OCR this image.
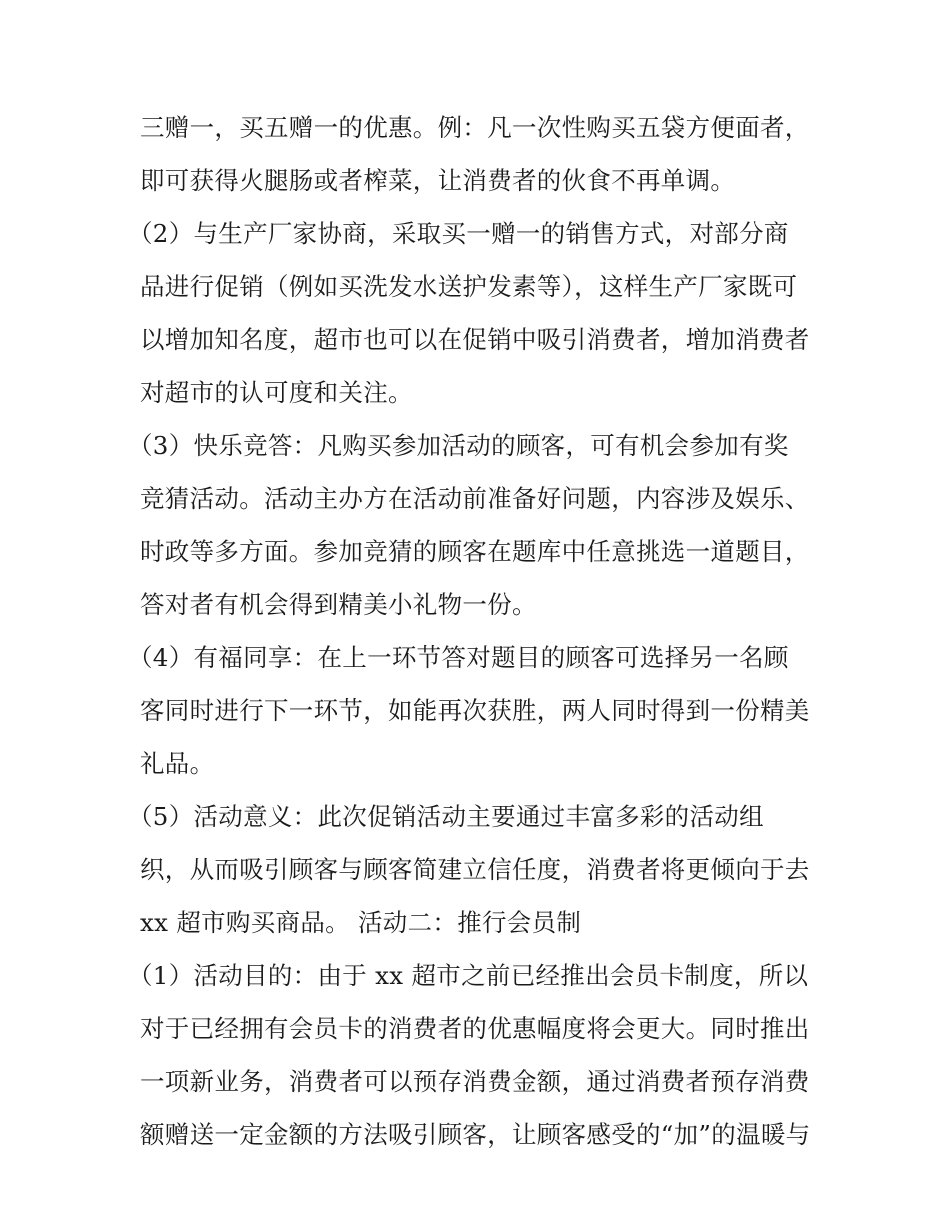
三赠一，买五赠一的优惠。例：凡一次性购买五袋方便面者，
即可获得火腿肠或者榨菜，让消费者的伙食不再单调。
（2）与生产厂家协商，采取买一赠一的销售方式，对部分商
品进行促销（例如买洗发水送护发素等），这样生产厂家既可
以增加知名度，超市也可以在促销中吸引消费者，增加消费者
对超市的认可度和关注。
（3）快乐竞答：凡购买参加活动的顾客，可有机会参加有奖
竞猜活动。活动主办方在活动前准备好问题，内容涉及娱乐、
时政等多方面。参加竞猜的顾客在题库中任意挑选一道题目，
答对者有机会得到精美小礼物一份。
（4）有福同享：在上一环节答对题目的顾客可选择另一名顾
客同时进行下一环节，如能再次获胜，两人同时得到一份精美
礼品。
（5）活动意义：此次促销活动主要通过丰富多彩的活动组
织，从而吸引顾客与顾客简建立信任度，消费者将更倾向于去
xx 超市购买商品。 活动二：推行会员制
（1）活动目的：由于 xx 超市之前已经推出会员卡制度，所以
对于已经拥有会员卡的消费者的优惠幅度将会更大。同时推出
一项新业务，消费者可以预存消费金额，通过消费者预存消费
额赠送一定金额的方法吸引顾客，让顾客感受的“加”的温暖与
